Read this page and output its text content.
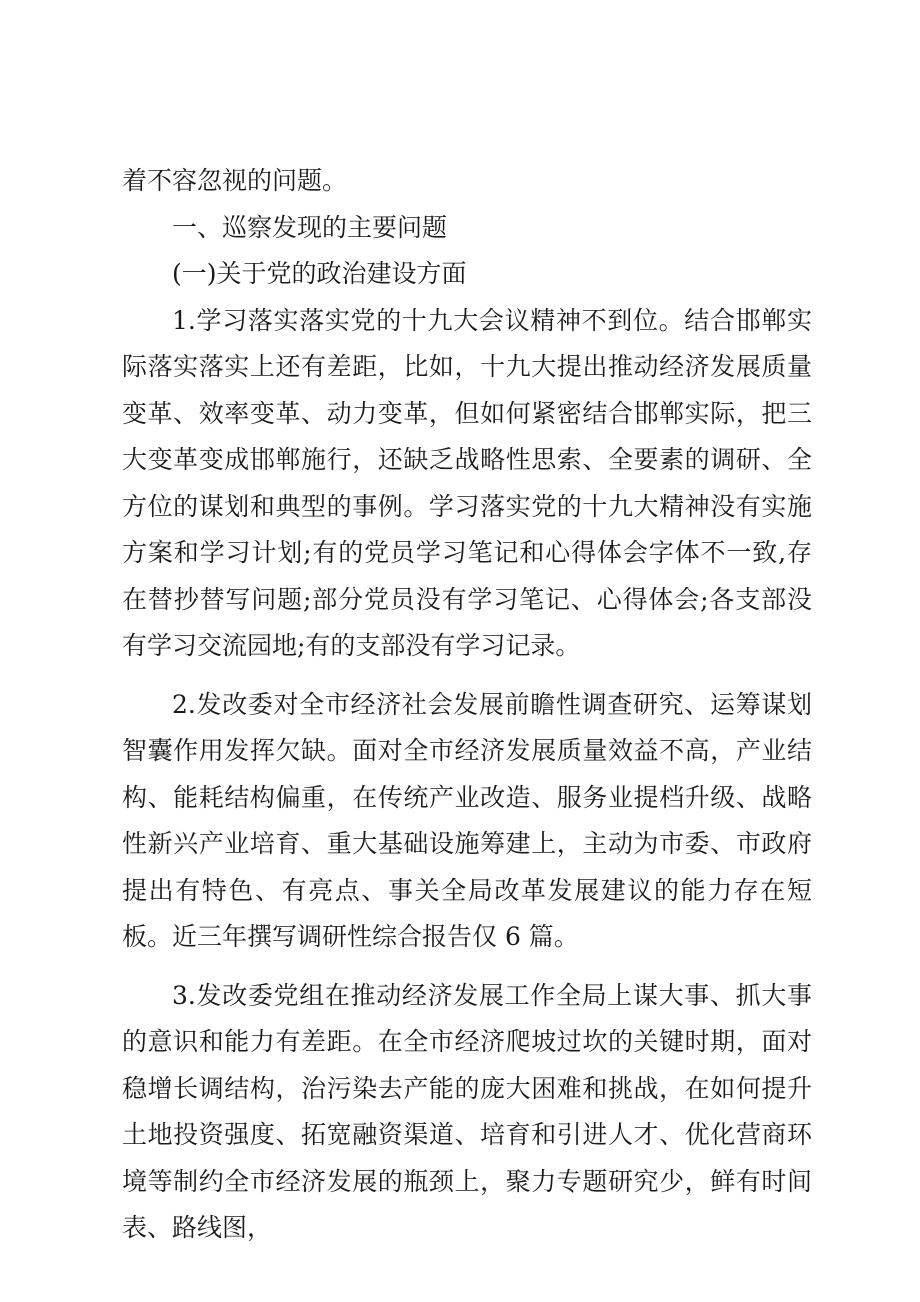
着不容忽视的问题。

一、巡察发现的主要问题

(一)关于党的政治建设方面

1.学习落实落实党的十九大会议精神不到位。结合邯郸实际落实落实上还有差距，比如，十九大提出推动经济发展质量变革、效率变革、动力变革，但如何紧密结合邯郸实际，把三大变革变成邯郸施行，还缺乏战略性思索、全要素的调研、全方位的谋划和典型的事例。学习落实党的十九大精神没有实施方案和学习计划;有的党员学习笔记和心得体会字体不一致,存在替抄替写问题;部分党员没有学习笔记、心得体会;各支部没有学习交流园地;有的支部没有学习记录。

2.发改委对全市经济社会发展前瞻性调查研究、运筹谋划智囊作用发挥欠缺。面对全市经济发展质量效益不高，产业结构、能耗结构偏重，在传统产业改造、服务业提档升级、战略性新兴产业培育、重大基础设施筹建上，主动为市委、市政府提出有特色、有亮点、事关全局改革发展建议的能力存在短板。近三年撰写调研性综合报告仅 6 篇。

3.发改委党组在推动经济发展工作全局上谋大事、抓大事的意识和能力有差距。在全市经济爬坡过坎的关键时期，面对稳增长调结构，治污染去产能的庞大困难和挑战，在如何提升土地投资强度、拓宽融资渠道、培育和引进人才、优化营商环境等制约全市经济发展的瓶颈上，聚力专题研究少，鲜有时间表、路线图，
